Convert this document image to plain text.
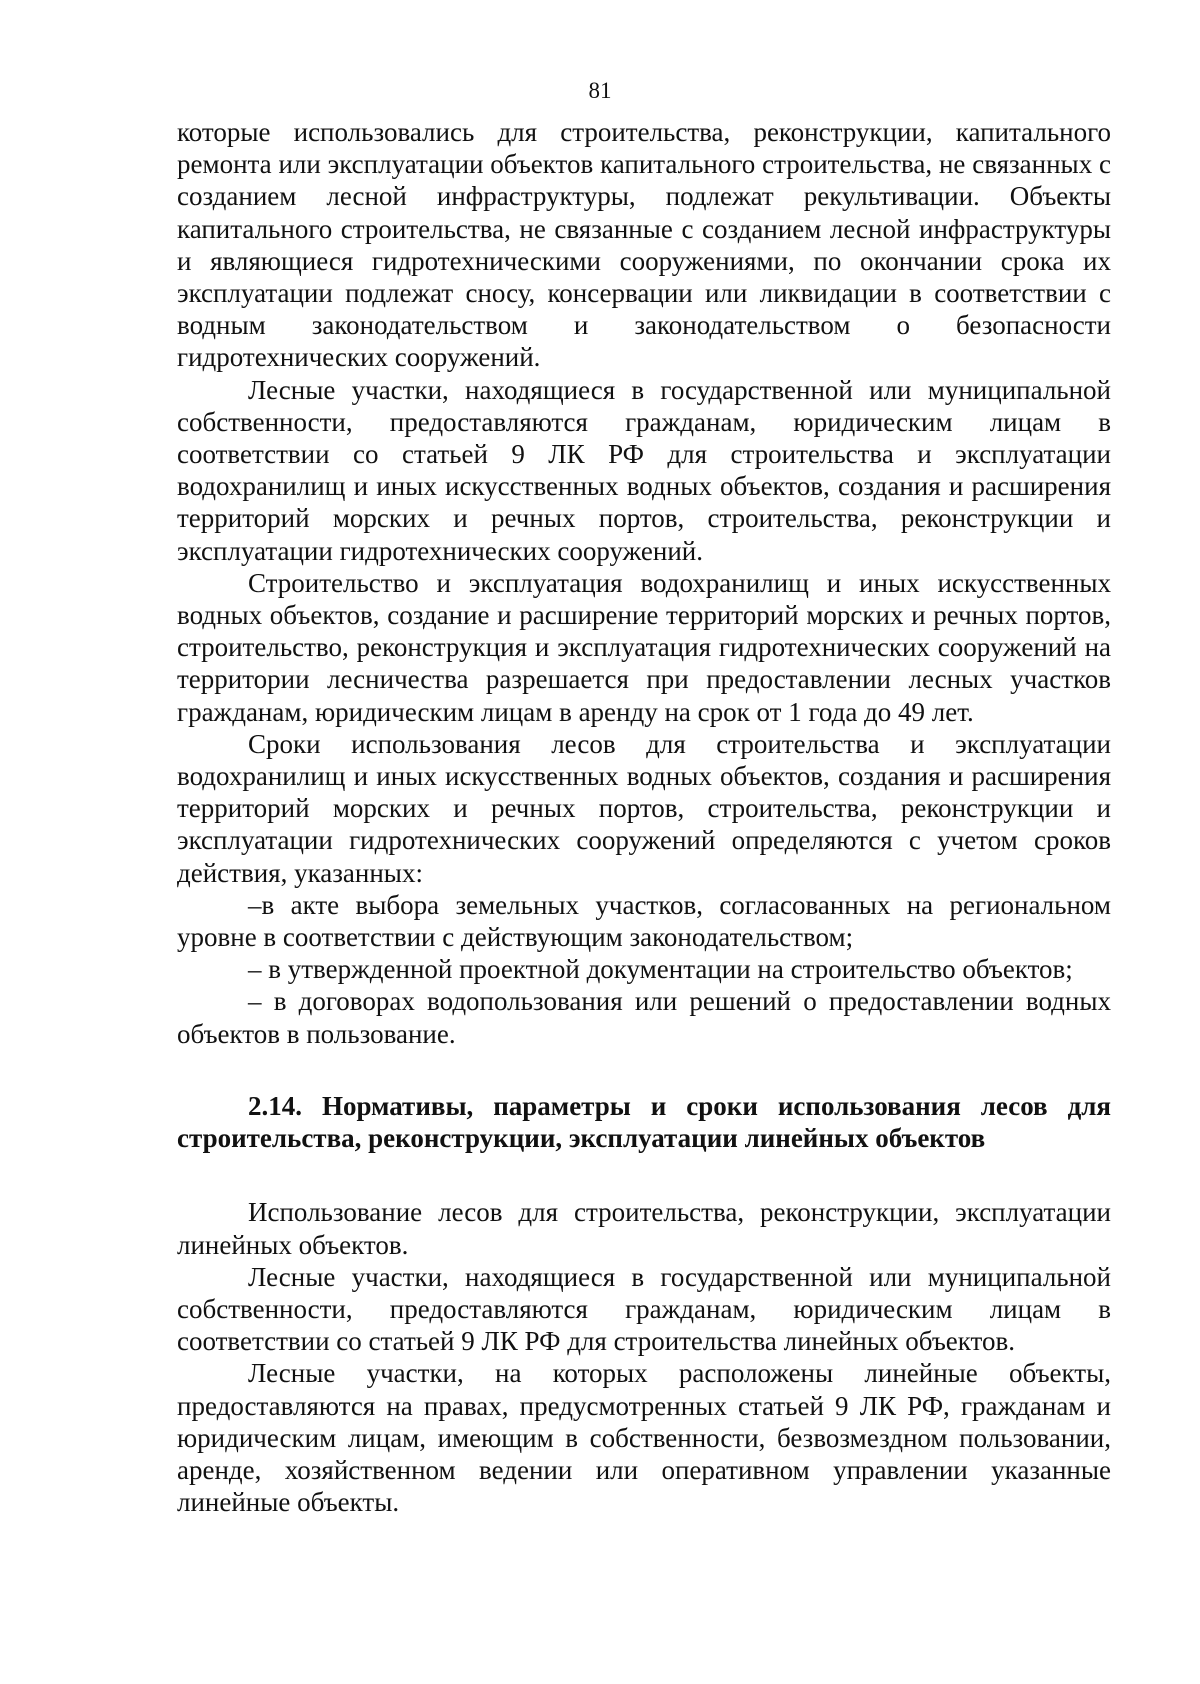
81

которые использовались для строительства, реконструкции, капитального ремонта или эксплуатации объектов капитального строительства, не связанных с созданием лесной инфраструктуры, подлежат рекультивации. Объекты капитального строительства, не связанные с созданием лесной инфраструктуры и являющиеся гидротехническими сооружениями, по окончании срока их эксплуатации подлежат сносу, консервации или ликвидации в соответствии с водным законодательством и законодательством о безопасности гидротехнических сооружений.

Лесные участки, находящиеся в государственной или муниципальной собственности, предоставляются гражданам, юридическим лицам в соответствии со статьей 9 ЛК РФ для строительства и эксплуатации водохранилищ и иных искусственных водных объектов, создания и расширения территорий морских и речных портов, строительства, реконструкции и эксплуатации гидротехнических сооружений.

Строительство и эксплуатация водохранилищ и иных искусственных водных объектов, создание и расширение территорий морских и речных портов, строительство, реконструкция и эксплуатация гидротехнических сооружений на территории лесничества разрешается при предоставлении лесных участков гражданам, юридическим лицам в аренду на срок от 1 года до 49 лет.

Сроки использования лесов для строительства и эксплуатации водохранилищ и иных искусственных водных объектов, создания и расширения территорий морских и речных портов, строительства, реконструкции и эксплуатации гидротехнических сооружений определяются с учетом сроков действия, указанных:

–в акте выбора земельных участков, согласованных на региональном уровне в соответствии с действующим законодательством;

– в утвержденной проектной документации на строительство объектов;

– в договорах водопользования или решений о предоставлении водных объектов в пользование.

2.14. Нормативы, параметры и сроки использования лесов для строительства, реконструкции, эксплуатации линейных объектов

Использование лесов для строительства, реконструкции, эксплуатации линейных объектов.

Лесные участки, находящиеся в государственной или муниципальной собственности, предоставляются гражданам, юридическим лицам в соответствии со статьей 9 ЛК РФ для строительства линейных объектов.

Лесные участки, на которых расположены линейные объекты, предоставляются на правах, предусмотренных статьей 9 ЛК РФ, гражданам и юридическим лицам, имеющим в собственности, безвозмездном пользовании, аренде, хозяйственном ведении или оперативном управлении указанные линейные объекты.
